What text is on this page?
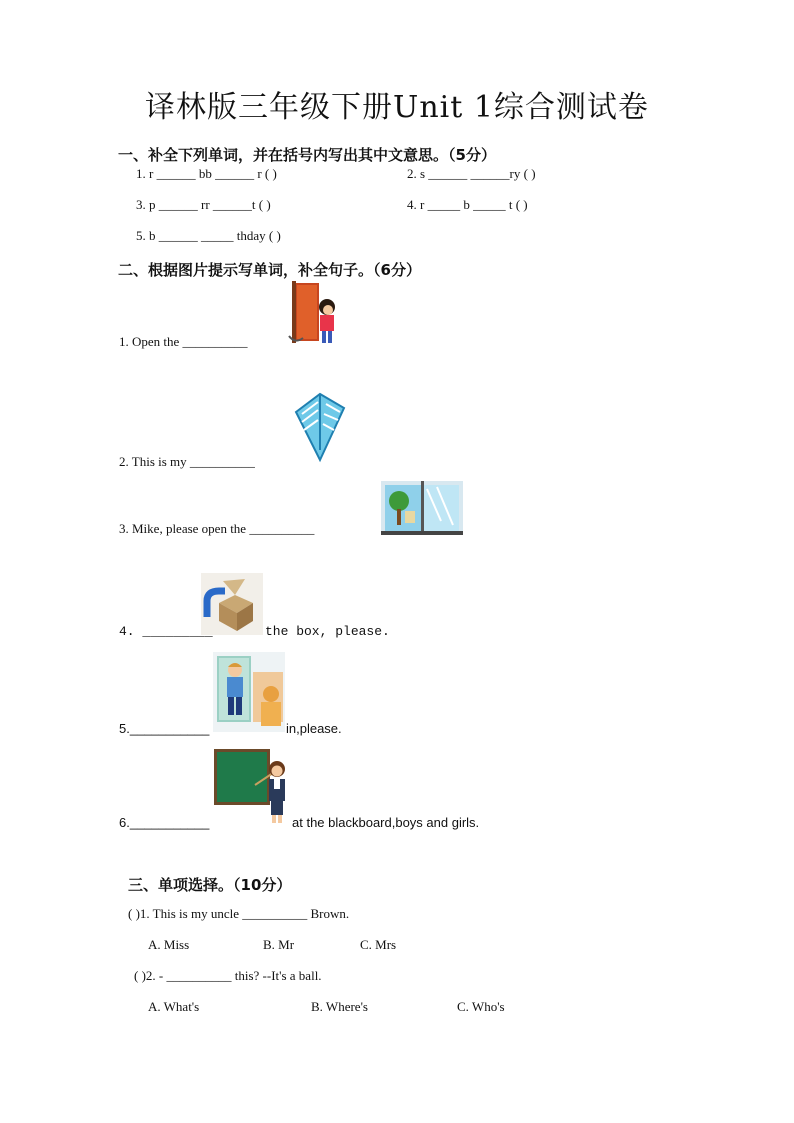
译林版三年级下册Unit 1综合测试卷
一、补全下列单词，并在括号内写出其中文意思。（5分）
1. r ______ bb ______ r ( )	2. s ______ ______ry ( )
3. p ______ rr ______t ( )	4. r _____ b _____ t ( )
5. b ______ _____ thday ( )
二、根据图片提示写单词，补全句子。（6分）
1. Open the __________
2. This is my __________
3. Mike, please open the __________
4. _________	the box, please.
5.___________	in,please.
6.___________	at the blackboard,boys and girls.
三、单项选择。（10分）
( )1. This is my uncle __________ Brown.
A. Miss	B. Mr	C. Mrs
( )2. - __________ this? --It's a ball.
A. What's	B. Where's	C. Who's
